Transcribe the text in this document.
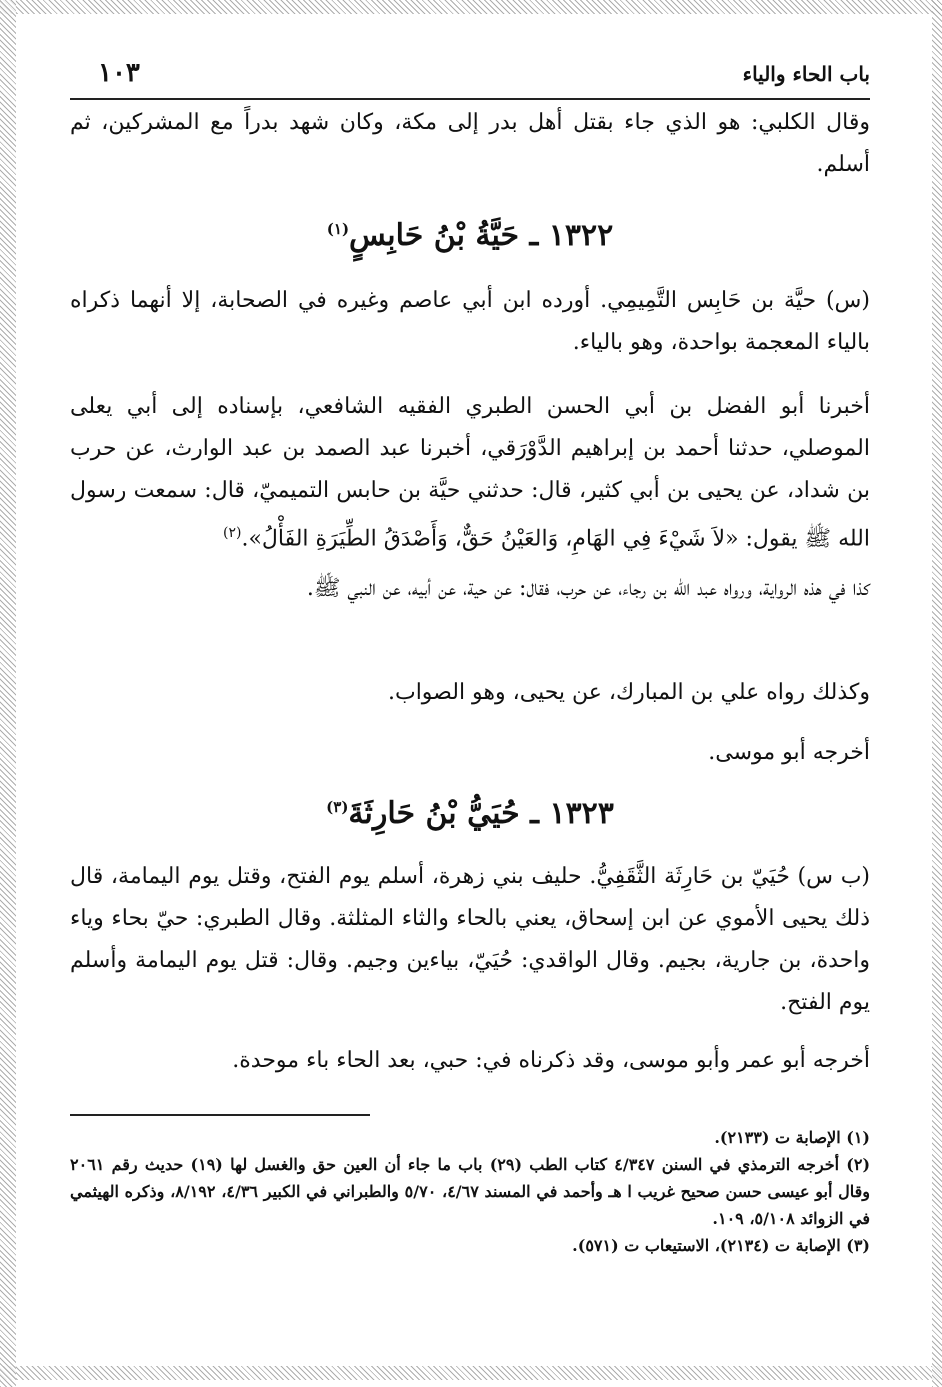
باب الحاء والياء
١٠٣

وقال الكلبي: هو الذي جاء بقتل أهل بدر إلى مكة، وكان شهد بدراً مع المشركين، ثم أسلم.

١٣٢٢ ـ حَيَّةُ بْنُ حَابِسٍ$^{(١)}$

(س) حيَّة بن حَابِس التَّمِيمِي. أورده ابن أبي عاصم وغيره في الصحابة، إلا أنهما ذكراه بالياء المعجمة بواحدة، وهو بالياء.

أخبرنا أبو الفضل بن أبي الحسن الطبري الفقيه الشافعي، بإسناده إلى أبي يعلى الموصلي، حدثنا أحمد بن إبراهيم الدَّوْرَقي، أخبرنا عبد الصمد بن عبد الوارث، عن حرب بن شداد، عن يحيى بن أبي كثير، قال: حدثني حيَّة بن حابس التميميّ، قال: سمعت رسول الله ﷺ يقول: «لاَ شَيْءَ فِي الهَامِ، وَالعَيْنُ حَقٌّ، وَأَصْدَقُ الطِّيَرَةِ الفَأْلُ».$^{(٢)}$

كذا في هذه الرواية، ورواه عبد الله بن رجاء، عن حرب، فقال: عن حية، عن أبيه، عن النبي ﷺ.

وكذلك رواه علي بن المبارك، عن يحيى، وهو الصواب.

أخرجه أبو موسى.

١٣٢٣ ـ حُيَيُّ بْنُ حَارِثَةَ$^{(٣)}$

(ب س) حُيَيّ بن حَارِثَة الثَّقَفِيُّ. حليف بني زهرة، أسلم يوم الفتح، وقتل يوم اليمامة، قال ذلك يحيى الأموي عن ابن إسحاق، يعني بالحاء والثاء المثلثة. وقال الطبري: حيّ بحاء وياء واحدة، بن جارية، بجيم. وقال الواقدي: حُيَيّ، بياءين وجيم. وقال: قتل يوم اليمامة وأسلم يوم الفتح.

أخرجه أبو عمر وأبو موسى، وقد ذكرناه في: حبي، بعد الحاء باء موحدة.

(١) الإصابة ت (٢١٣٣).

(٢) أخرجه الترمذي في السنن ٤/٣٤٧ كتاب الطب (٢٩) باب ما جاء أن العين حق والغسل لها (١٩) حديث رقم ٢٠٦١ وقال أبو عيسى حسن صحيح غريب ا هـ وأحمد في المسند ٤/٦٧، ٥/٧٠ والطبراني في الكبير ٤/٣٦، ٨/١٩٢، وذكره الهيثمي في الزوائد ٥/١٠٨، ١٠٩.

(٣) الإصابة ت (٢١٣٤)، الاستيعاب ت (٥٧١).
